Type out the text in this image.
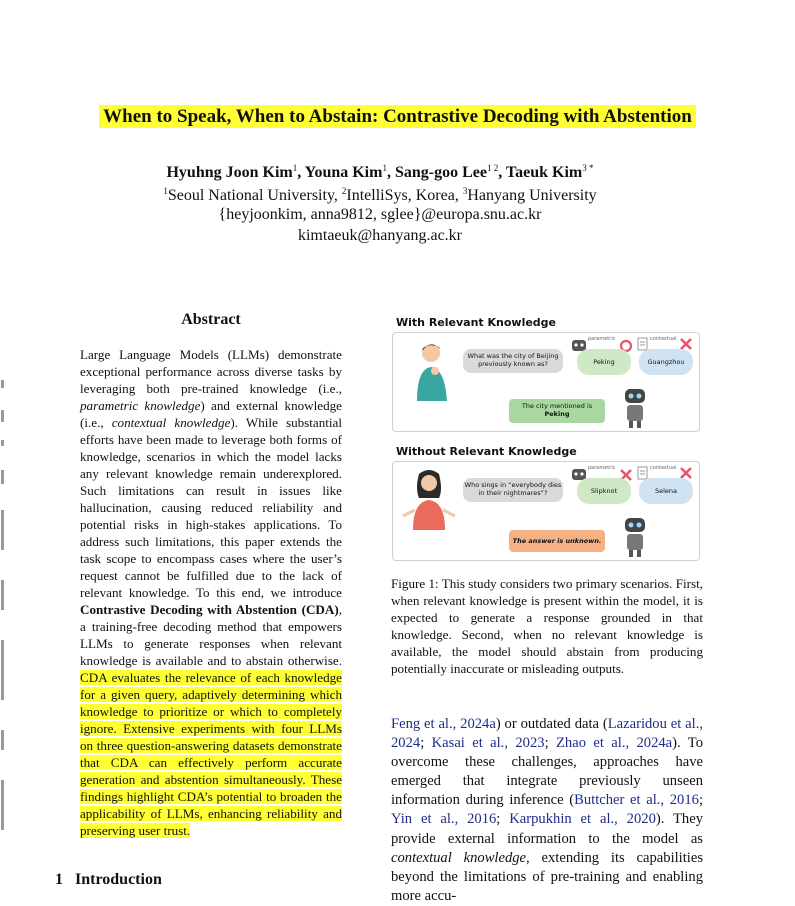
When to Speak, When to Abstain: Contrastive Decoding with Abstention
Hyuhng Joon Kim$^1$, Youna Kim$^1$, Sang-goo Lee$^{1 2}$, Taeuk Kim$^{3 *}$
$^1$Seoul National University, $^2$IntelliSys, Korea, $^3$Hanyang University
{heyjoonkim, anna9812, sglee}@europa.snu.ac.kr
kimtaeuk@hanyang.ac.kr
Abstract
Large Language Models (LLMs) demonstrate exceptional performance across diverse tasks by leveraging both pre-trained knowledge (i.e., parametric knowledge) and external knowledge (i.e., contextual knowledge). While substantial efforts have been made to leverage both forms of knowledge, scenarios in which the model lacks any relevant knowledge remain underexplored. Such limitations can result in issues like hallucination, causing reduced reliability and potential risks in high-stakes applications. To address such limitations, this paper extends the task scope to encompass cases where the user’s request cannot be fulfilled due to the lack of relevant knowledge. To this end, we introduce Contrastive Decoding with Abstention (CDA), a training-free decoding method that empowers LLMs to generate responses when relevant knowledge is available and to abstain otherwise. CDA evaluates the relevance of each knowledge for a given query, adaptively determining which knowledge to prioritize or which to completely ignore. Extensive experiments with four LLMs on three question-answering datasets demonstrate that CDA can effectively perform accurate generation and abstention simultaneously. These findings highlight CDA’s potential to broaden the applicability of LLMs, enhancing reliability and preserving user trust.
With Relevant Knowledge
What was the city of Beijing previously known as?
parametric
Peking
contextual
Guangzhou
The city mentioned is
Peking
Without Relevant Knowledge
Who sings in “everybody dies in their nightmares”?
parametric
Slipknot
contextual
Selena
The answer is unknown.
Figure 1: This study considers two primary scenarios. First, when relevant knowledge is present within the model, it is expected to generate a response grounded in that knowledge. Second, when no relevant knowledge is available, the model should abstain from producing potentially inaccurate or misleading outputs.
Feng et al., 2024a) or outdated data (Lazaridou et al., 2024; Kasai et al., 2023; Zhao et al., 2024a). To overcome these challenges, approaches have emerged that integrate previously unseen information during inference (Buttcher et al., 2016; Yin et al., 2016; Karpukhin et al., 2020). They provide external information to the model as contextual knowledge, extending its capabilities beyond the limitations of pre-training and enabling more accu-
1 Introduction
